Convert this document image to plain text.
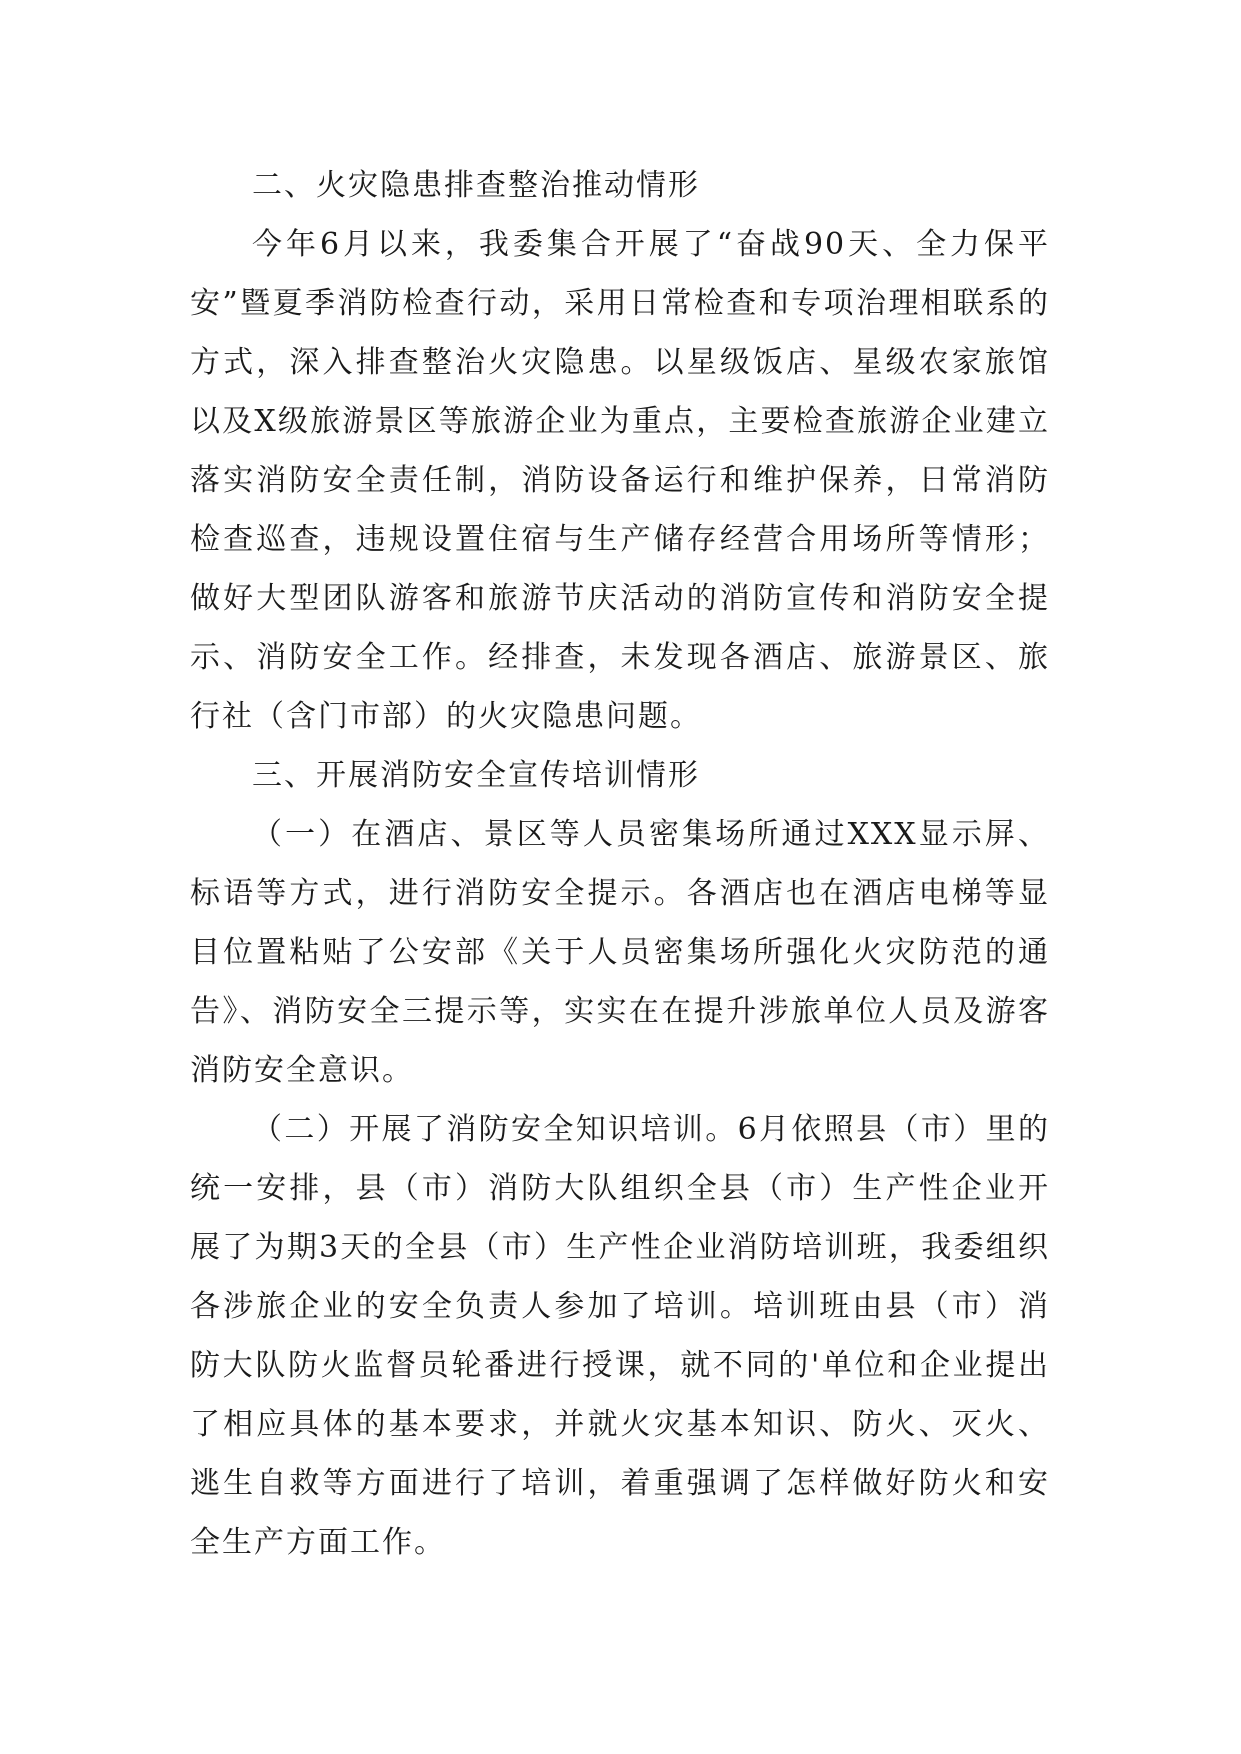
二、火灾隐患排查整治推动情形

今年6月以来，我委集合开展了“奋战90天、全力保平安”暨夏季消防检查行动，采用日常检查和专项治理相联系的方式，深入排查整治火灾隐患。以星级饭店、星级农家旅馆以及X级旅游景区等旅游企业为重点，主要检查旅游企业建立落实消防安全责任制，消防设备运行和维护保养，日常消防检查巡查，违规设置住宿与生产储存经营合用场所等情形；做好大型团队游客和旅游节庆活动的消防宣传和消防安全提示、消防安全工作。经排查，未发现各酒店、旅游景区、旅行社（含门市部）的火灾隐患问题。

三、开展消防安全宣传培训情形

（一）在酒店、景区等人员密集场所通过XXX显示屏、标语等方式，进行消防安全提示。各酒店也在酒店电梯等显目位置粘贴了公安部《关于人员密集场所强化火灾防范的通告》、消防安全三提示等，实实在在提升涉旅单位人员及游客消防安全意识。

（二）开展了消防安全知识培训。6月依照县（市）里的统一安排，县（市）消防大队组织全县（市）生产性企业开展了为期3天的全县（市）生产性企业消防培训班，我委组织各涉旅企业的安全负责人参加了培训。培训班由县（市）消防大队防火监督员轮番进行授课，就不同的'单位和企业提出了相应具体的基本要求，并就火灾基本知识、防火、灭火、逃生自救等方面进行了培训，着重强调了怎样做好防火和安全生产方面工作。
